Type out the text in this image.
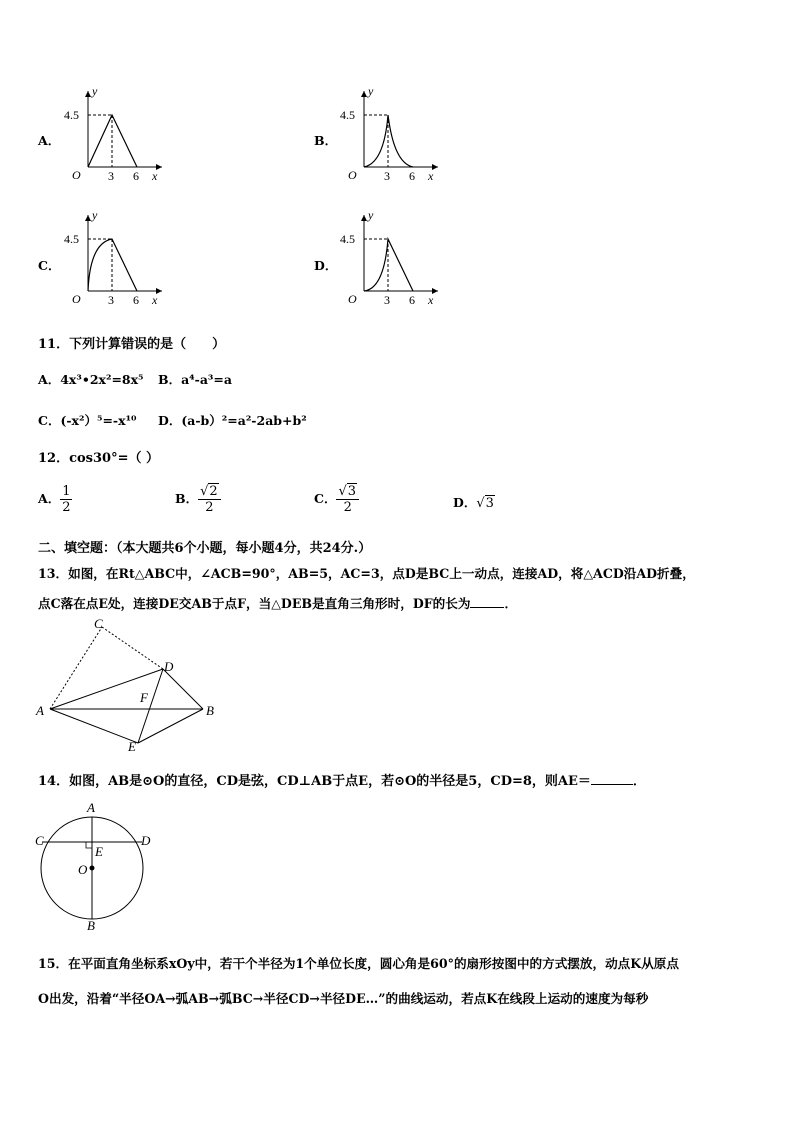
A．	B．
C．	D．
y
x
O
4.5
3 6
y
x
O
4.5
3 6
y
x
O
4.5
3 6
y
x
O
4.5
3 6
11．下列计算错误的是（　　）
A．4x³•2x²=8x⁵ B．a⁴-a³=a
C．(-x²）⁵=-x¹⁰ D．(a-b）²=a²-2ab+b²
12．cos30°=（ ）
A． $\frac{1}{2}$	B． $\frac{√2}{2}$	C． $\frac{√3}{2}$	D．√3
二、填空题：（本大题共6个小题，每小题4分，共24分.）
13．如图，在Rt△ABC中，∠ACB=90°，AB=5，AC=3，点D是BC上一动点，连接AD，将△ACD沿AD折叠，
点C落在点E处，连接DE交AB于点F，当△DEB是直角三角形时，DF的长为	．
A	B
C
D
E
F
14．如图，AB是⊙O的直径，CD是弦，CD⊥AB于点E，若⊙O的半径是5，CD=8，则AE＝	．
A
B
C	D
E
O
15．在平面直角坐标系xOy中，若干个半径为1个单位长度，圆心角是60°的扇形按图中的方式摆放，动点K从原点
O出发，沿着“半径OA→弧AB→弧BC→半径CD→半径DE…”的曲线运动，若点K在线段上运动的速度为每秒
